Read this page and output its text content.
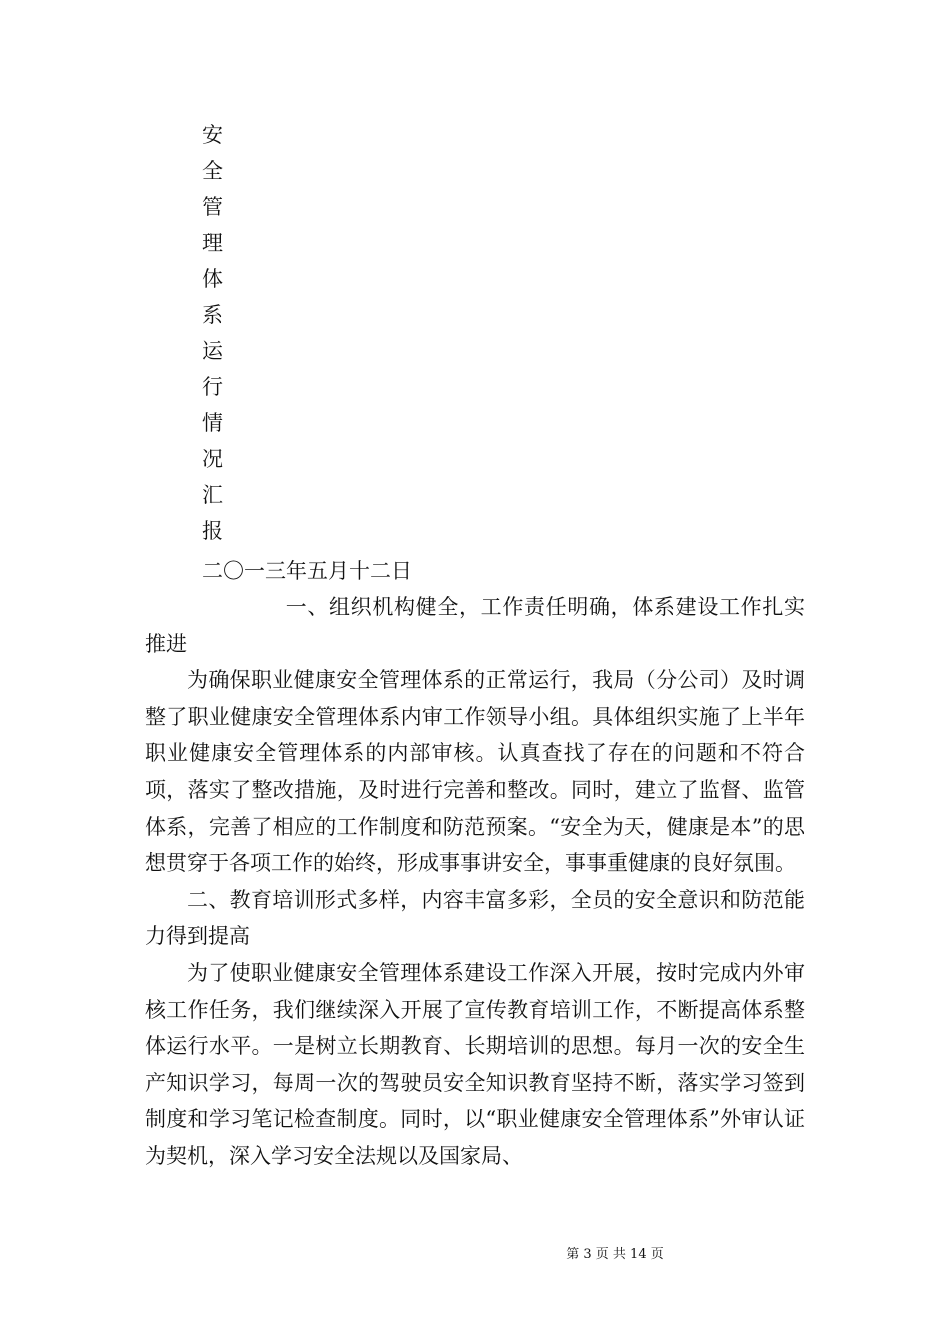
安
全
管
理
体
系
运
行
情
况
汇
报
二〇一三年五月十二日

一、组织机构健全，工作责任明确，体系建设工作扎实推进

为确保职业健康安全管理体系的正常运行，我局（分公司）及时调整了职业健康安全管理体系内审工作领导小组。具体组织实施了上半年职业健康安全管理体系的内部审核。认真查找了存在的问题和不符合项，落实了整改措施，及时进行完善和整改。同时，建立了监督、监管体系，完善了相应的工作制度和防范预案。“安全为天，健康是本”的思想贯穿于各项工作的始终，形成事事讲安全，事事重健康的良好氛围。

二、教育培训形式多样，内容丰富多彩，全员的安全意识和防范能力得到提高

为了使职业健康安全管理体系建设工作深入开展，按时完成内外审核工作任务，我们继续深入开展了宣传教育培训工作，不断提高体系整体运行水平。一是树立长期教育、长期培训的思想。每月一次的安全生产知识学习，每周一次的驾驶员安全知识教育坚持不断，落实学习签到制度和学习笔记检查制度。同时，以“职业健康安全管理体系”外审认证为契机，深入学习安全法规以及国家局、

第 3 页 共 14 页
